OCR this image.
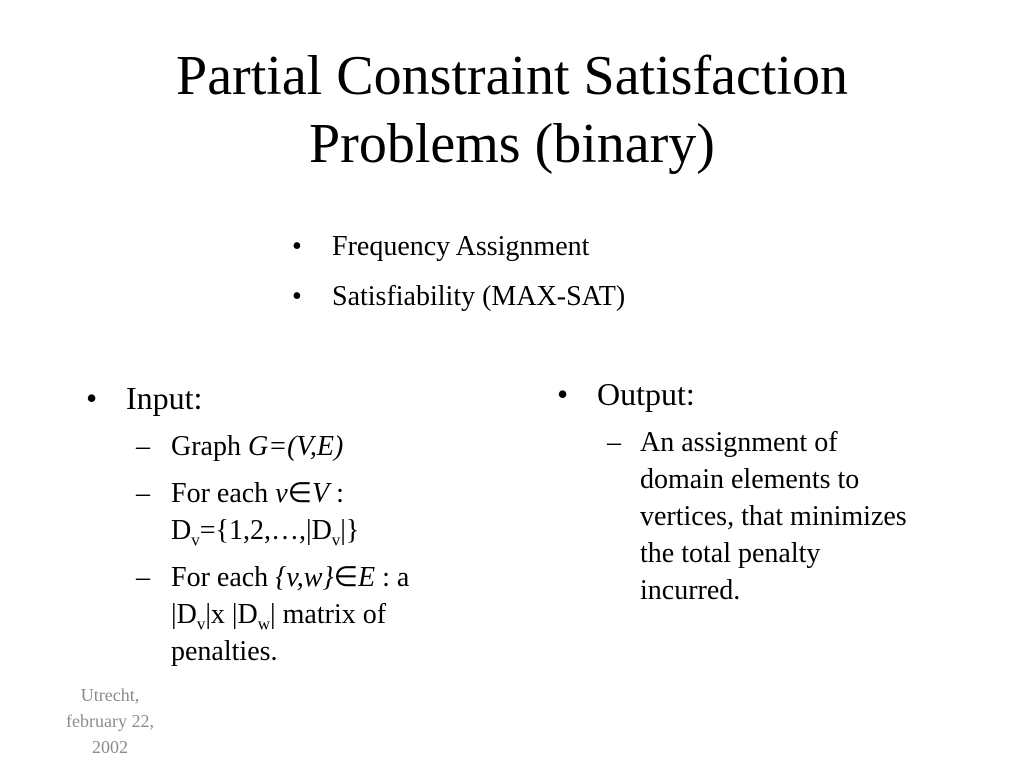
Partial Constraint Satisfaction
Problems (binary)
• Frequency Assignment
• Satisfiability (MAX-SAT)
• Input:
– Graph G=(V,E)
– For each v∈V :
$D_v=\{1,2,\dots,|D_v|\}$
– For each {v,w}∈E : a
$|D_v|x$ $|D_w|$ matrix of
penalties.
• Output:
– An assignment of domain elements to vertices, that minimizes the total penalty incurred.
Utrecht,
february 22,
2002
